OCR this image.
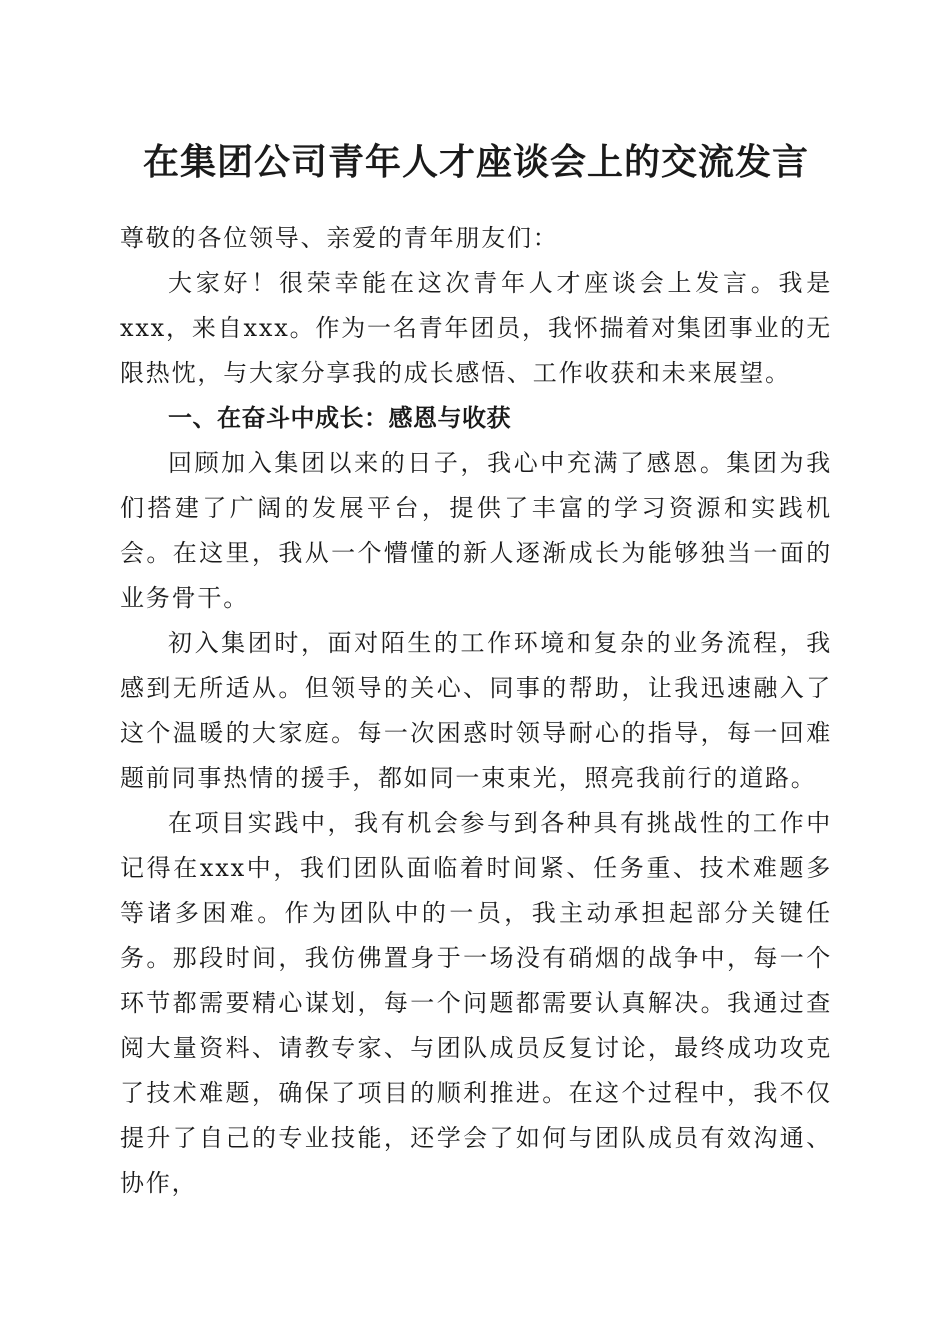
在集团公司青年人才座谈会上的交流发言

尊敬的各位领导、亲爱的青年朋友们：

大家好！很荣幸能在这次青年人才座谈会上发言。我是xxx，来自xxx。作为一名青年团员，我怀揣着对集团事业的无限热忱，与大家分享我的成长感悟、工作收获和未来展望。

一、在奋斗中成长：感恩与收获

回顾加入集团以来的日子，我心中充满了感恩。集团为我们搭建了广阔的发展平台，提供了丰富的学习资源和实践机会。在这里，我从一个懵懂的新人逐渐成长为能够独当一面的业务骨干。

初入集团时，面对陌生的工作环境和复杂的业务流程，我感到无所适从。但领导的关心、同事的帮助，让我迅速融入了这个温暖的大家庭。每一次困惑时领导耐心的指导，每一回难题前同事热情的援手，都如同一束束光，照亮我前行的道路。

在项目实践中，我有机会参与到各种具有挑战性的工作中记得在xxx中，我们团队面临着时间紧、任务重、技术难题多等诸多困难。作为团队中的一员，我主动承担起部分关键任务。那段时间，我仿佛置身于一场没有硝烟的战争中，每一个环节都需要精心谋划，每一个问题都需要认真解决。我通过查阅大量资料、请教专家、与团队成员反复讨论，最终成功攻克了技术难题，确保了项目的顺利推进。在这个过程中，我不仅提升了自己的专业技能，还学会了如何与团队成员有效沟通、协作，
